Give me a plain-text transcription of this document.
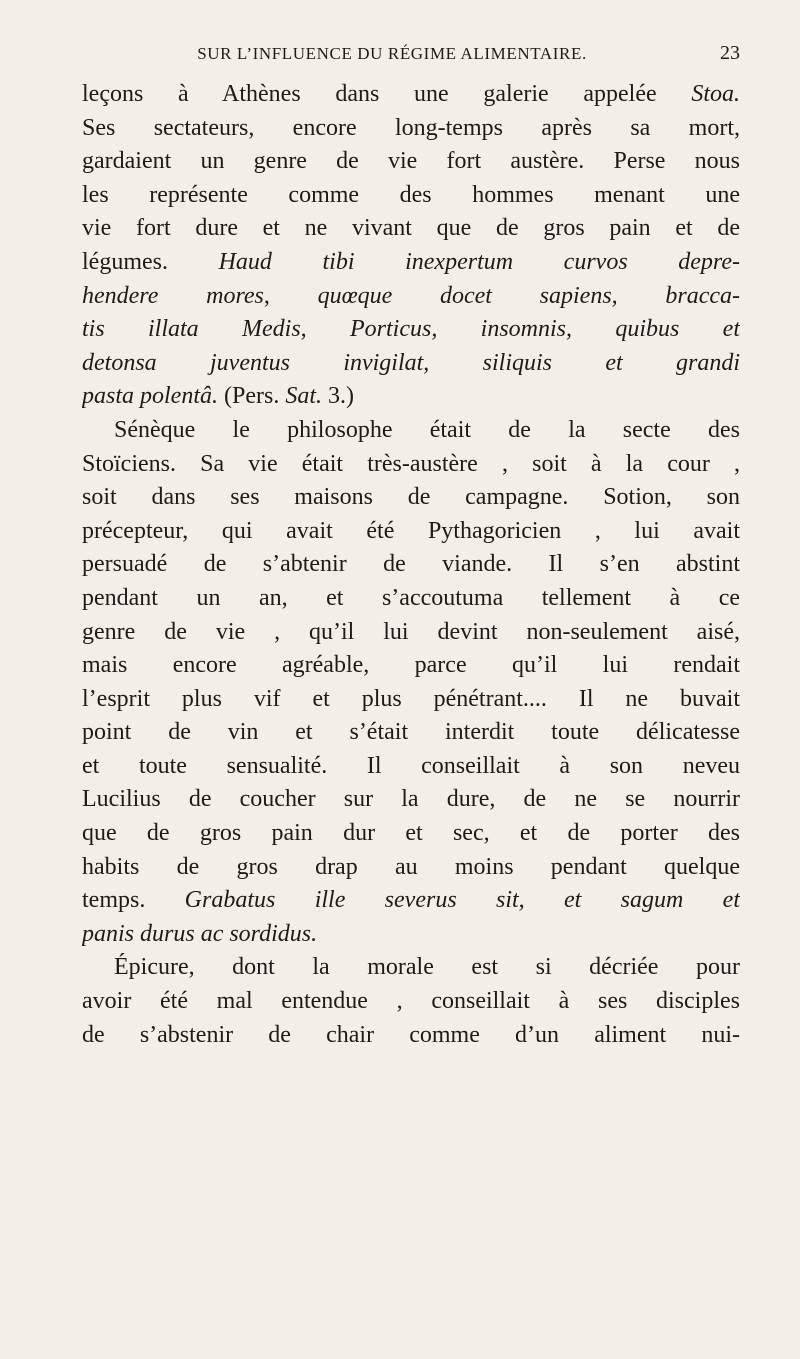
SUR L’INFLUENCE DU RÉGIME ALIMENTAIRE.	23
leçons à Athènes dans une galerie appelée Stoa.
Ses sectateurs, encore long-temps après sa mort,
gardaient un genre de vie fort austère. Perse nous
les représente comme des hommes menant une
vie fort dure et ne vivant que de gros pain et de
légumes. Haud tibi inexpertum curvos depre-
hendere mores, quœque docet sapiens, bracca-
tis illata Medis, Porticus, insomnis, quibus et
detonsa juventus invigilat, siliquis et grandi
pasta polentâ. (Pers. Sat. 3.)
Sénèque le philosophe était de la secte des
Stoïciens. Sa vie était très-austère , soit à la cour ,
soit dans ses maisons de campagne. Sotion, son
précepteur, qui avait été Pythagoricien , lui avait
persuadé de s’abtenir de viande. Il s’en abstint
pendant un an, et s’accoutuma tellement à ce
genre de vie , qu’il lui devint non-seulement aisé,
mais encore agréable, parce qu’il lui rendait
l’esprit plus vif et plus pénétrant.... Il ne buvait
point de vin et s’était interdit toute délicatesse
et toute sensualité. Il conseillait à son neveu
Lucilius de coucher sur la dure, de ne se nourrir
que de gros pain dur et sec, et de porter des
habits de gros drap au moins pendant quelque
temps. Grabatus ille severus sit, et sagum et
panis durus ac sordidus.
Épicure, dont la morale est si décriée pour
avoir été mal entendue , conseillait à ses disciples
de s’abstenir de chair comme d’un aliment nui-
